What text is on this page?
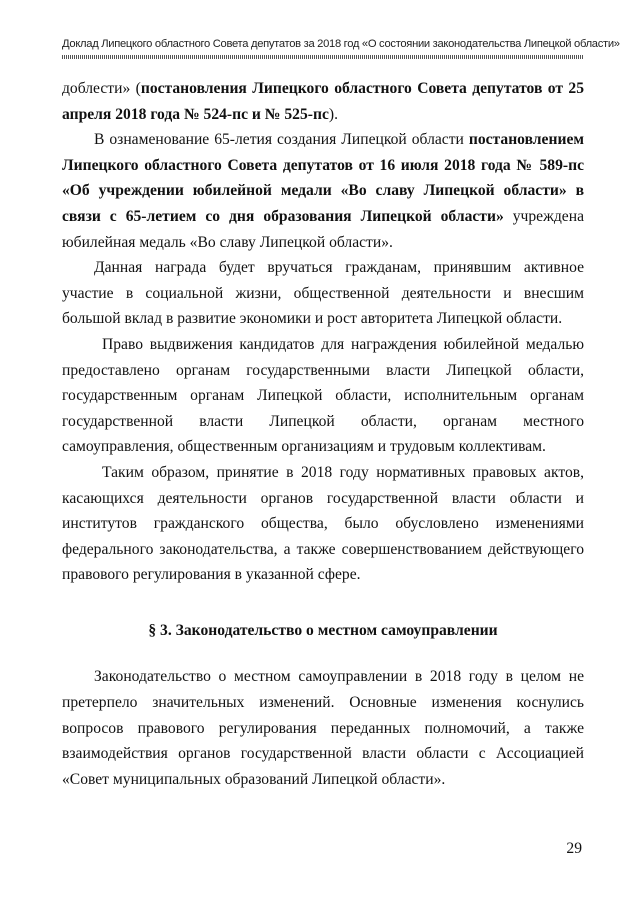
Доклад Липецкого областного Совета депутатов за 2018 год «О состоянии законодательства Липецкой области»

доблести» (постановления Липецкого областного Совета депутатов от 25 апреля 2018 года № 524-пс и № 525-пс).

В ознаменование 65-летия создания Липецкой области постановлением Липецкого областного Совета депутатов от 16 июля 2018 года № 589-пс «Об учреждении юбилейной медали «Во славу Липецкой области» в связи с 65-летием со дня образования Липецкой области» учреждена юбилейная медаль «Во славу Липецкой области».

Данная награда будет вручаться гражданам, принявшим активное участие в социальной жизни, общественной деятельности и внесшим большой вклад в развитие экономики и рост авторитета Липецкой области.

Право выдвижения кандидатов для награждения юбилейной медалью предоставлено органам государственными власти Липецкой области, государственным органам Липецкой области, исполнительным органам государственной власти Липецкой области, органам местного самоуправления, общественным организациям и трудовым коллективам.

Таким образом, принятие в 2018 году нормативных правовых актов, касающихся деятельности органов государственной власти области и институтов гражданского общества, было обусловлено изменениями федерального законодательства, а также совершенствованием действующего правового регулирования в указанной сфере.

§ 3. Законодательство о местном самоуправлении

Законодательство о местном самоуправлении в 2018 году в целом не претерпело значительных изменений. Основные изменения коснулись вопросов правового регулирования переданных полномочий, а также взаимодействия органов государственной власти области с Ассоциацией «Совет муниципальных образований Липецкой области».

29
